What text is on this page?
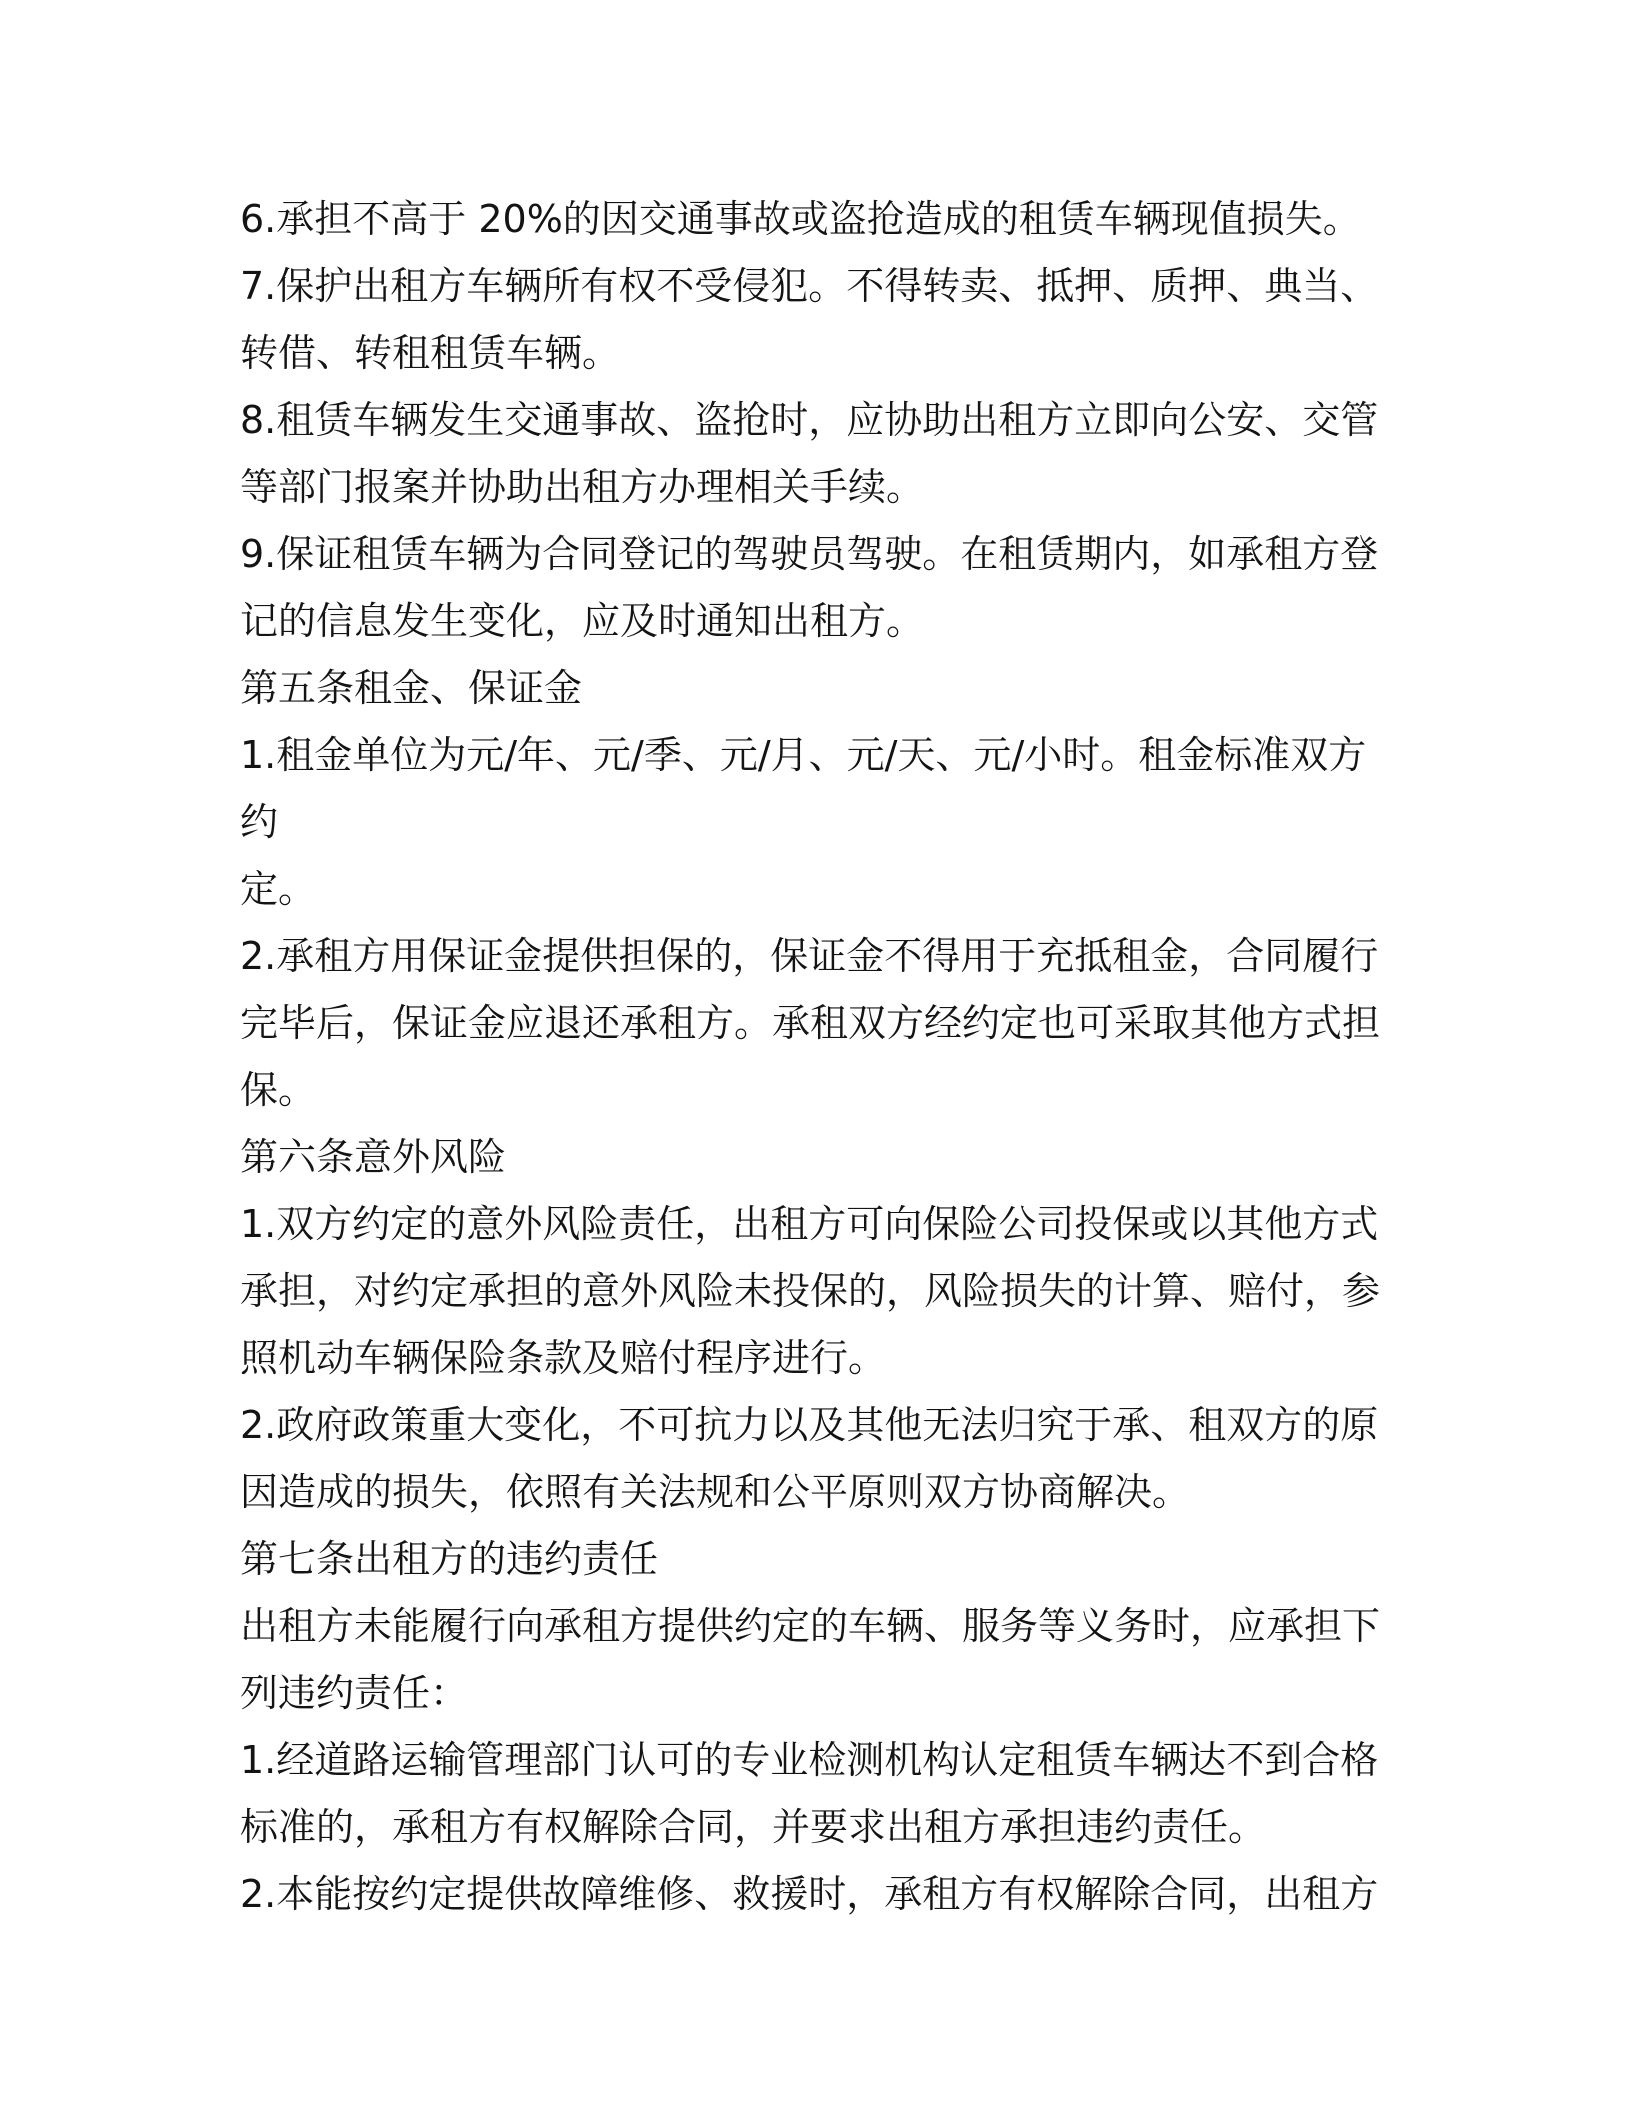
6.承担不高于 20%的因交通事故或盗抢造成的租赁车辆现值损失。

7.保护出租方车辆所有权不受侵犯。不得转卖、抵押、质押、典当、

转借、转租租赁车辆。

8.租赁车辆发生交通事故、盗抢时，应协助出租方立即向公安、交管

等部门报案并协助出租方办理相关手续。

9.保证租赁车辆为合同登记的驾驶员驾驶。在租赁期内，如承租方登

记的信息发生变化，应及时通知出租方。

第五条租金、保证金

1.租金单位为元/年、元/季、元/月、元/天、元/小时。租金标准双方约

定。

2.承租方用保证金提供担保的，保证金不得用于充抵租金，合同履行

完毕后，保证金应退还承租方。承租双方经约定也可采取其他方式担

保。

第六条意外风险

1.双方约定的意外风险责任，出租方可向保险公司投保或以其他方式

承担，对约定承担的意外风险未投保的，风险损失的计算、赔付，参

照机动车辆保险条款及赔付程序进行。

2.政府政策重大变化，不可抗力以及其他无法归究于承、租双方的原

因造成的损失，依照有关法规和公平原则双方协商解决。

第七条出租方的违约责任

出租方未能履行向承租方提供约定的车辆、服务等义务时，应承担下

列违约责任：

1.经道路运输管理部门认可的专业检测机构认定租赁车辆达不到合格

标准的，承租方有权解除合同，并要求出租方承担违约责任。

2.本能按约定提供故障维修、救援时，承租方有权解除合同，出租方
